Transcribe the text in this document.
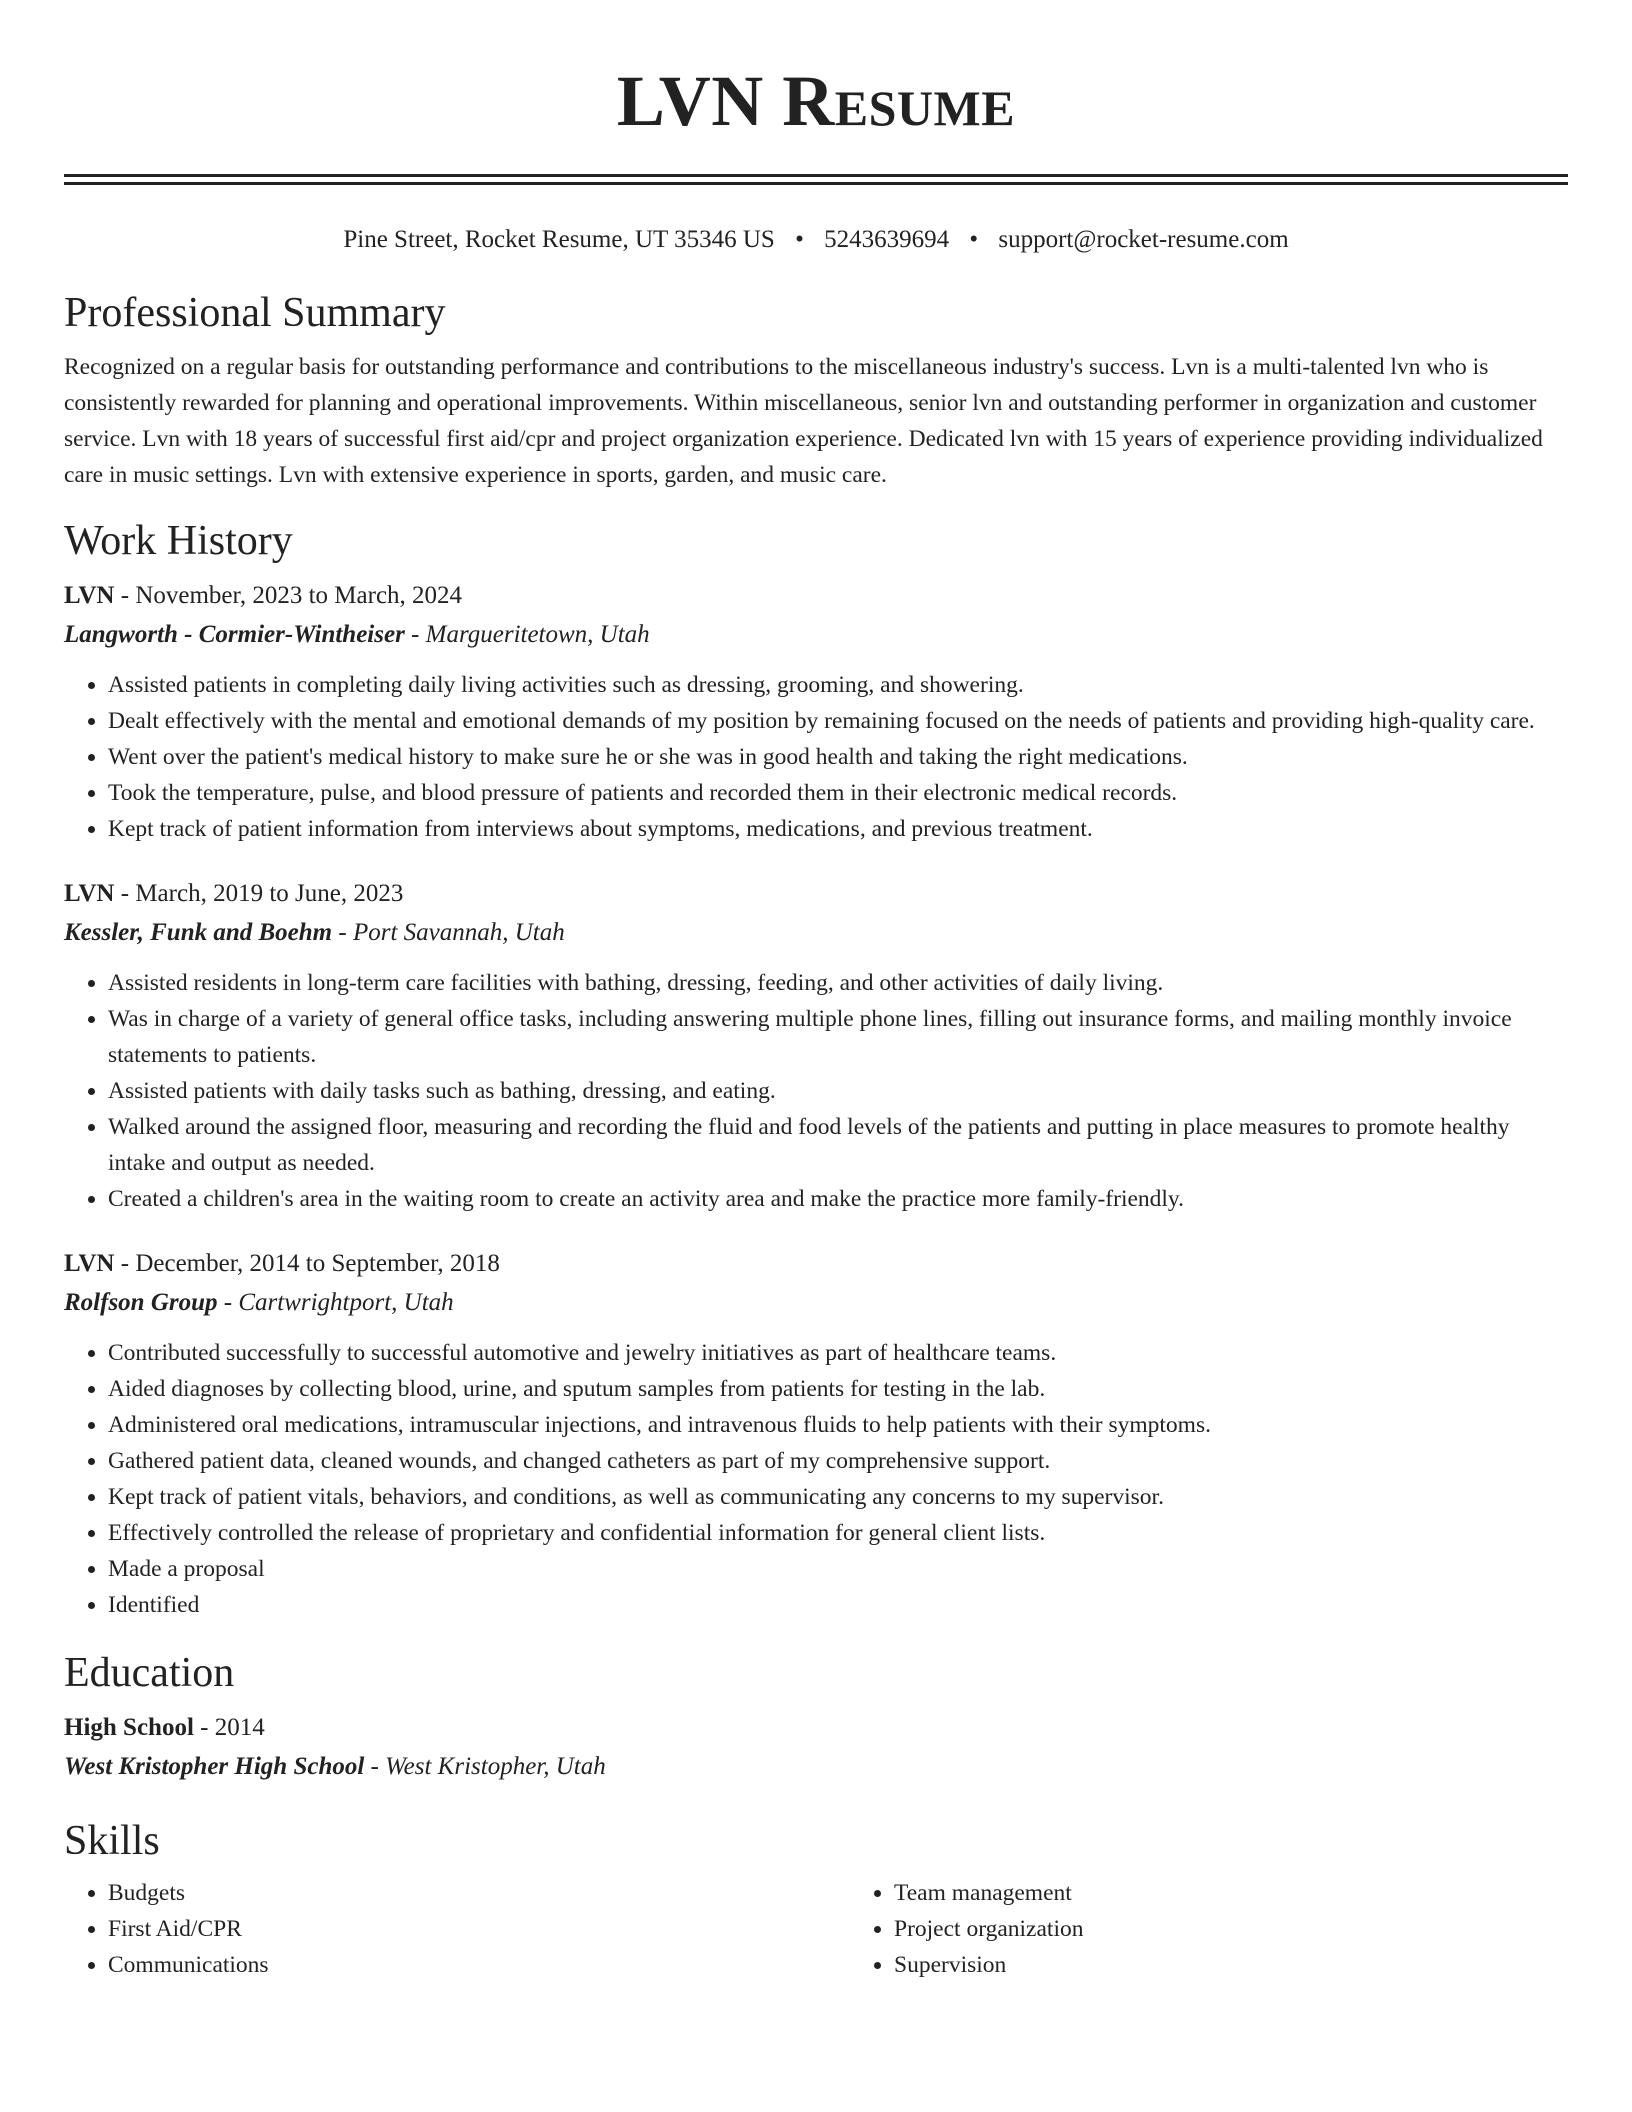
LVN Resume
Pine Street, Rocket Resume, UT 35346 US • 5243639694 • support@rocket-resume.com
Professional Summary

Recognized on a regular basis for outstanding performance and contributions to the miscellaneous industry's success. Lvn is a multi-talented lvn who is consistently rewarded for planning and operational improvements. Within miscellaneous, senior lvn and outstanding performer in organization and customer service. Lvn with 18 years of successful first aid/cpr and project organization experience. Dedicated lvn with 15 years of experience providing individualized care in music settings. Lvn with extensive experience in sports, garden, and music care.

Work History
LVN - November, 2023 to March, 2024
Langworth - Cormier-Wintheiser - Margueritetown, Utah
• Assisted patients in completing daily living activities such as dressing, grooming, and showering.
• Dealt effectively with the mental and emotional demands of my position by remaining focused on the needs of patients and providing high-quality care.
• Went over the patient's medical history to make sure he or she was in good health and taking the right medications.
• Took the temperature, pulse, and blood pressure of patients and recorded them in their electronic medical records.
• Kept track of patient information from interviews about symptoms, medications, and previous treatment.
LVN - March, 2019 to June, 2023
Kessler, Funk and Boehm - Port Savannah, Utah
• Assisted residents in long-term care facilities with bathing, dressing, feeding, and other activities of daily living.
• Was in charge of a variety of general office tasks, including answering multiple phone lines, filling out insurance forms, and mailing monthly invoice statements to patients.
• Assisted patients with daily tasks such as bathing, dressing, and eating.
• Walked around the assigned floor, measuring and recording the fluid and food levels of the patients and putting in place measures to promote healthy intake and output as needed.
• Created a children's area in the waiting room to create an activity area and make the practice more family-friendly.
LVN - December, 2014 to September, 2018
Rolfson Group - Cartwrightport, Utah
• Contributed successfully to successful automotive and jewelry initiatives as part of healthcare teams.
• Aided diagnoses by collecting blood, urine, and sputum samples from patients for testing in the lab.
• Administered oral medications, intramuscular injections, and intravenous fluids to help patients with their symptoms.
• Gathered patient data, cleaned wounds, and changed catheters as part of my comprehensive support.
• Kept track of patient vitals, behaviors, and conditions, as well as communicating any concerns to my supervisor.
• Effectively controlled the release of proprietary and confidential information for general client lists.
• Made a proposal
• Identified
Education
High School - 2014
West Kristopher High School - West Kristopher, Utah
Skills
• Budgets
• First Aid/CPR
• Communications
• Team management
• Project organization
• Supervision
